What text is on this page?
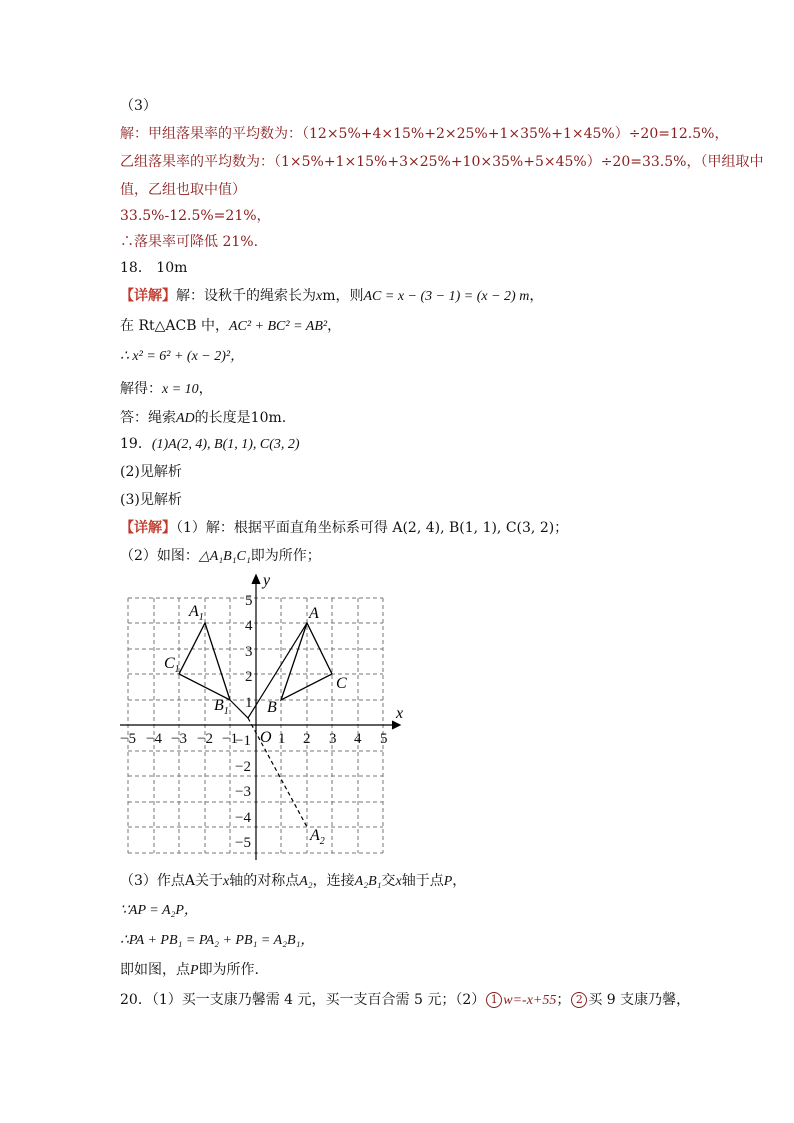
（3）
解：甲组落果率的平均数为：（12×5%+4×15%+2×25%+1×35%+1×45%）÷20=12.5%，
乙组落果率的平均数为：（1×5%+1×15%+3×25%+10×35%+5×45%）÷20=33.5%，（甲组取中
值，乙组也取中值）
33.5%-12.5%=21%，
∴落果率可降低 21%.
18． 10m
【详解】解：设秋千的绳索长为xm，则AC = x − (3 − 1) = (x − 2) m，
在 Rt△ACB 中，AC² + BC² = AB²，
∴ x² = 6² + (x − 2)²，
解得：x = 10，
答：绳索AD的长度是10m.
19．(1)A(2, 4), B(1, 1), C(3, 2)
(2)见解析
(3)见解析
【详解】（1）解：根据平面直角坐标系可得 A(2, 4), B(1, 1), C(3, 2)；
（2）如图：△A₁B₁C₁即为所作；
−5 −4 −3 −2 −1	1 2 3 4 5
5
4
3
2
1
−1
−2
−3
−4
−5
y
x
O
A
B
C
$A_1$
$C_1$
$B_1$
$A_2$
（3）作点A关于x轴的对称点A₂，连接A₂B₁交x轴于点P，
∵AP = A₂P，
∴PA + PB₁ = PA₂ + PB₁ = A₂B₁，
即如图，点P即为所作.
20．（1）买一支康乃馨需 4 元，买一支百合需 5 元；（2） 1 w=-x+55； 2 买 9 支康乃馨，
